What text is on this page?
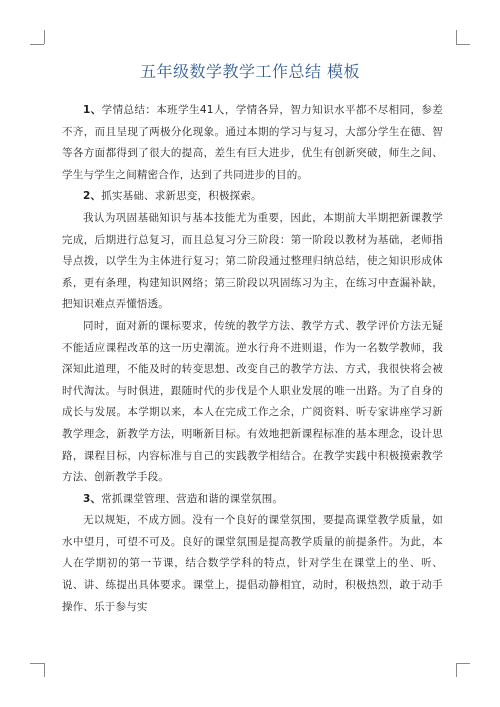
五年级数学教学工作总结 模板

1、学情总结：本班学生41人，学情各异，智力知识水平都不尽相同，参差不齐，而且呈现了两极分化现象。通过本期的学习与复习，大部分学生在德、智等各方面都得到了很大的提高，差生有巨大进步，优生有创新突破，师生之间、学生与学生之间精密合作，达到了共同进步的目的。

2、抓实基础、求新思变，积极探索。

我认为巩固基础知识与基本技能尤为重要，因此，本期前大半期把新课教学完成，后期进行总复习，而且总复习分三阶段：第一阶段以教材为基础，老师指导点拨，以学生为主体进行复习；第二阶段通过整理归纳总结，使之知识形成体系，更有条理，构建知识网络；第三阶段以巩固练习为主，在练习中查漏补缺，把知识难点弄懂悟透。

同时，面对新的课标要求，传统的教学方法、教学方式、教学评价方法无疑不能适应课程改革的这一历史潮流。逆水行舟不进则退，作为一名数学教师，我深知此道理，不能及时的转变思想、改变自己的教学方法、方式，我很快将会被时代淘汰。与时俱进，跟随时代的步伐是个人职业发展的唯一出路。为了自身的成长与发展。本学期以来，本人在完成工作之余，广阅资料、听专家讲座学习新教学理念，新教学方法，明晰新目标。有效地把新课程标准的基本理念，设计思路，课程目标，内容标准与自己的实践教学相结合。在教学实践中积极摸索教学方法、创新教学手段。

3、常抓课堂管理、营造和谐的课堂氛围。

无以规矩，不成方圆。没有一个良好的课堂氛围，要提高课堂教学质量，如水中望月，可望不可及。良好的课堂氛围是提高教学质量的前提条件。为此，本人在学期初的第一节课，结合数学学科的特点，针对学生在课堂上的坐、听、说、讲、练提出具体要求。课堂上，提倡动静相宜，动时，积极热烈，敢于动手操作、乐于参与实
